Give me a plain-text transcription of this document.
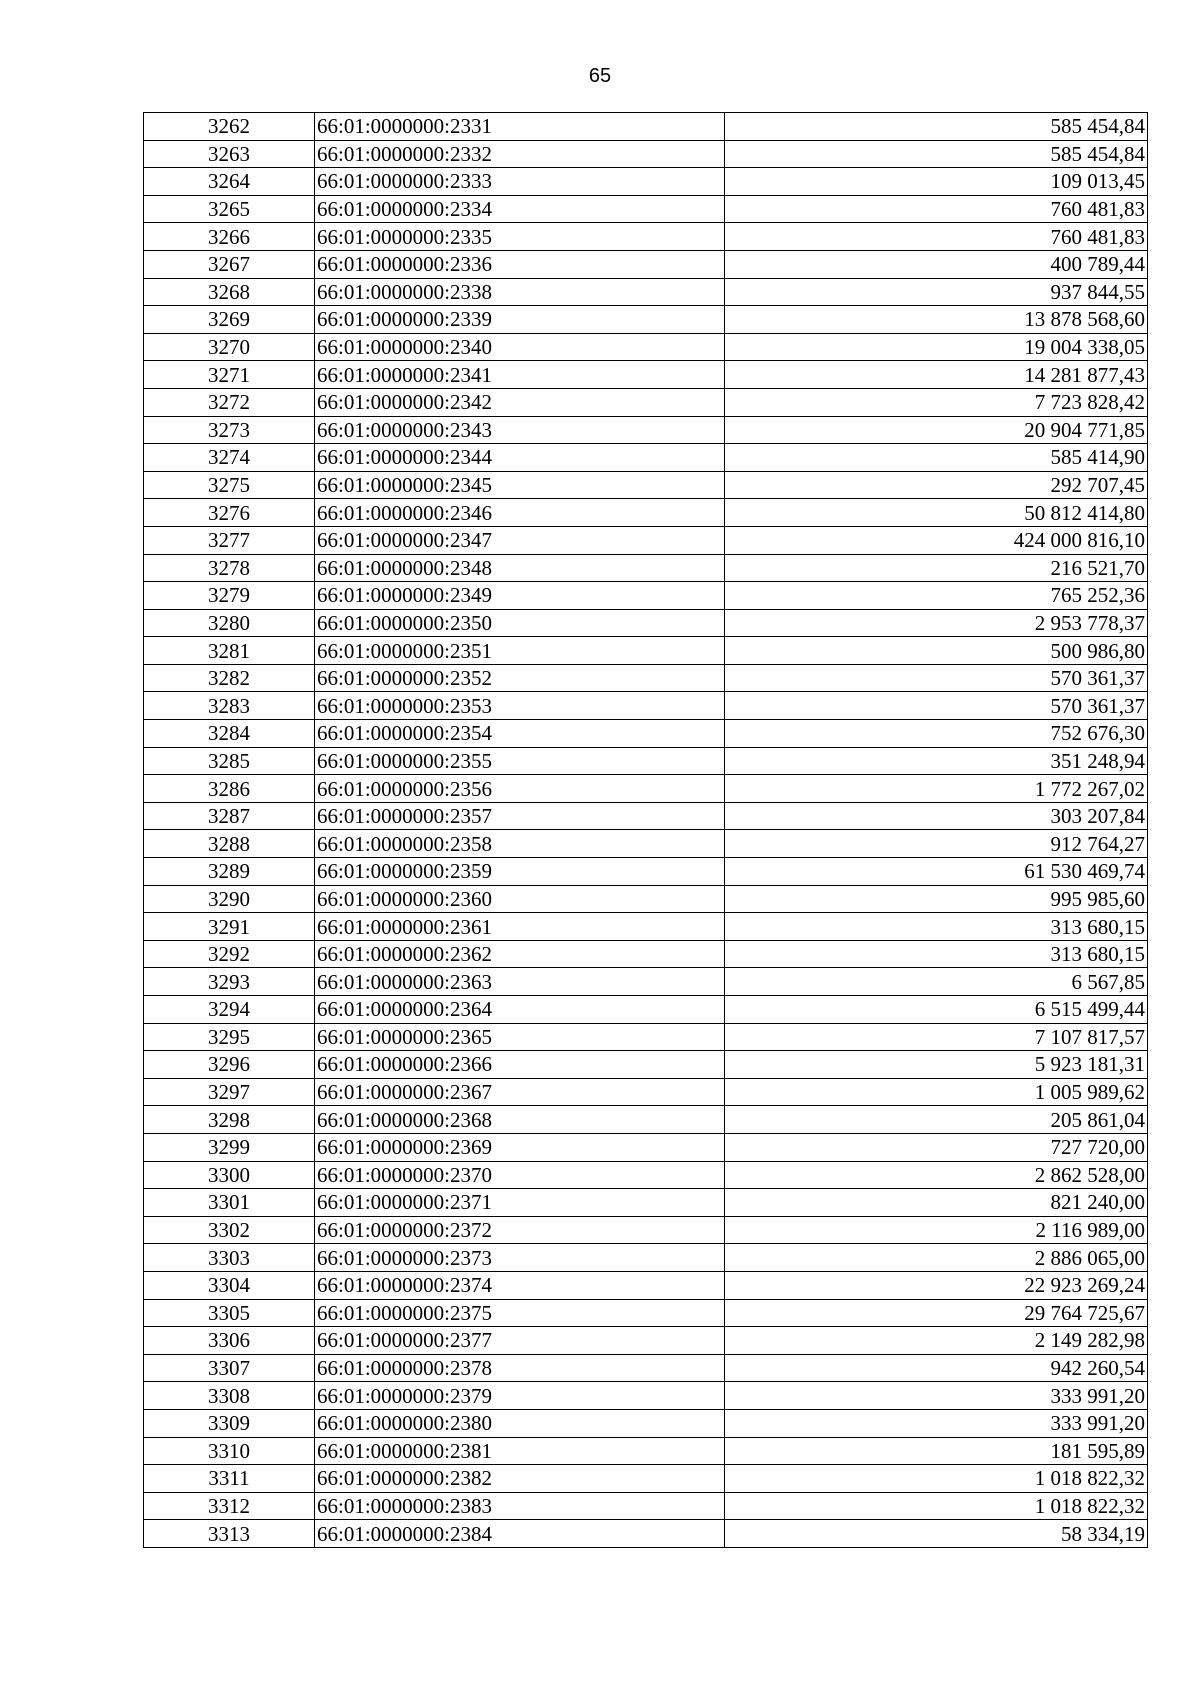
65
3262	66:01:0000000:2331	585 454,84
3263	66:01:0000000:2332	585 454,84
3264	66:01:0000000:2333	109 013,45
3265	66:01:0000000:2334	760 481,83
3266	66:01:0000000:2335	760 481,83
3267	66:01:0000000:2336	400 789,44
3268	66:01:0000000:2338	937 844,55
3269	66:01:0000000:2339	13 878 568,60
3270	66:01:0000000:2340	19 004 338,05
3271	66:01:0000000:2341	14 281 877,43
3272	66:01:0000000:2342	7 723 828,42
3273	66:01:0000000:2343	20 904 771,85
3274	66:01:0000000:2344	585 414,90
3275	66:01:0000000:2345	292 707,45
3276	66:01:0000000:2346	50 812 414,80
3277	66:01:0000000:2347	424 000 816,10
3278	66:01:0000000:2348	216 521,70
3279	66:01:0000000:2349	765 252,36
3280	66:01:0000000:2350	2 953 778,37
3281	66:01:0000000:2351	500 986,80
3282	66:01:0000000:2352	570 361,37
3283	66:01:0000000:2353	570 361,37
3284	66:01:0000000:2354	752 676,30
3285	66:01:0000000:2355	351 248,94
3286	66:01:0000000:2356	1 772 267,02
3287	66:01:0000000:2357	303 207,84
3288	66:01:0000000:2358	912 764,27
3289	66:01:0000000:2359	61 530 469,74
3290	66:01:0000000:2360	995 985,60
3291	66:01:0000000:2361	313 680,15
3292	66:01:0000000:2362	313 680,15
3293	66:01:0000000:2363	6 567,85
3294	66:01:0000000:2364	6 515 499,44
3295	66:01:0000000:2365	7 107 817,57
3296	66:01:0000000:2366	5 923 181,31
3297	66:01:0000000:2367	1 005 989,62
3298	66:01:0000000:2368	205 861,04
3299	66:01:0000000:2369	727 720,00
3300	66:01:0000000:2370	2 862 528,00
3301	66:01:0000000:2371	821 240,00
3302	66:01:0000000:2372	2 116 989,00
3303	66:01:0000000:2373	2 886 065,00
3304	66:01:0000000:2374	22 923 269,24
3305	66:01:0000000:2375	29 764 725,67
3306	66:01:0000000:2377	2 149 282,98
3307	66:01:0000000:2378	942 260,54
3308	66:01:0000000:2379	333 991,20
3309	66:01:0000000:2380	333 991,20
3310	66:01:0000000:2381	181 595,89
3311	66:01:0000000:2382	1 018 822,32
3312	66:01:0000000:2383	1 018 822,32
3313	66:01:0000000:2384	58 334,19
